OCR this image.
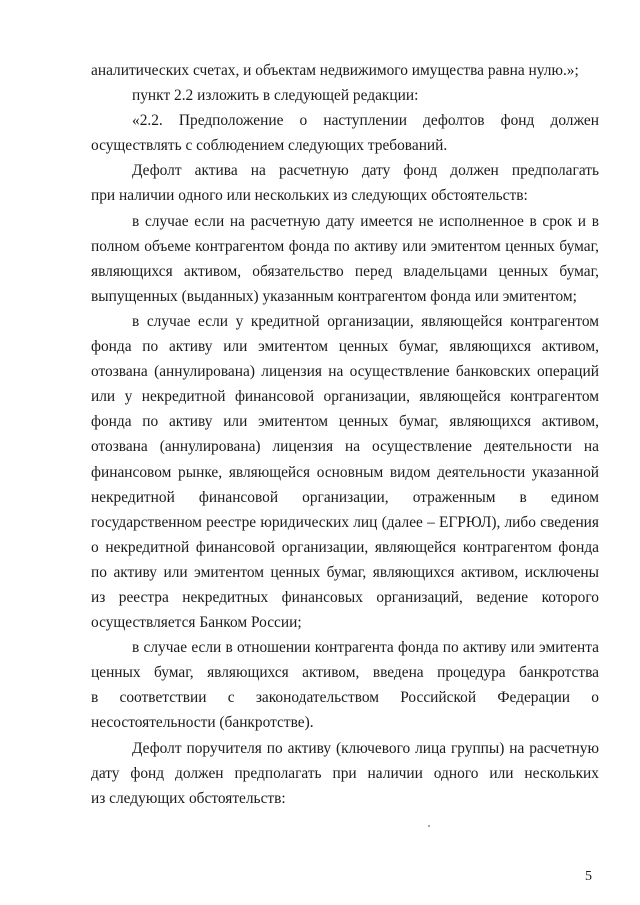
аналитических счетах, и объектам недвижимого имущества равна нулю.»;
пункт 2.2 изложить в следующей редакции:
«2.2. Предположение о наступлении дефолтов фонд должен
осуществлять с соблюдением следующих требований.
Дефолт актива на расчетную дату фонд должен предполагать
при наличии одного или нескольких из следующих обстоятельств:
в случае если на расчетную дату имеется не исполненное в срок и в
полном объеме контрагентом фонда по активу или эмитентом ценных бумаг,
являющихся активом, обязательство перед владельцами ценных бумаг,
выпущенных (выданных) указанным контрагентом фонда или эмитентом;
в случае если у кредитной организации, являющейся контрагентом
фонда по активу или эмитентом ценных бумаг, являющихся активом,
отозвана (аннулирована) лицензия на осуществление банковских операций
или у некредитной финансовой организации, являющейся контрагентом
фонда по активу или эмитентом ценных бумаг, являющихся активом,
отозвана (аннулирована) лицензия на осуществление деятельности на
финансовом рынке, являющейся основным видом деятельности указанной
некредитной финансовой организации, отраженным в едином
государственном реестре юридических лиц (далее – ЕГРЮЛ), либо сведения
о некредитной финансовой организации, являющейся контрагентом фонда
по активу или эмитентом ценных бумаг, являющихся активом, исключены
из реестра некредитных финансовых организаций, ведение которого
осуществляется Банком России;
в случае если в отношении контрагента фонда по активу или эмитента
ценных бумаг, являющихся активом, введена процедура банкротства
в соответствии с законодательством Российской Федерации о
несостоятельности (банкротстве).
Дефолт поручителя по активу (ключевого лица группы) на расчетную
дату фонд должен предполагать при наличии одного или нескольких
из следующих обстоятельств:
5
